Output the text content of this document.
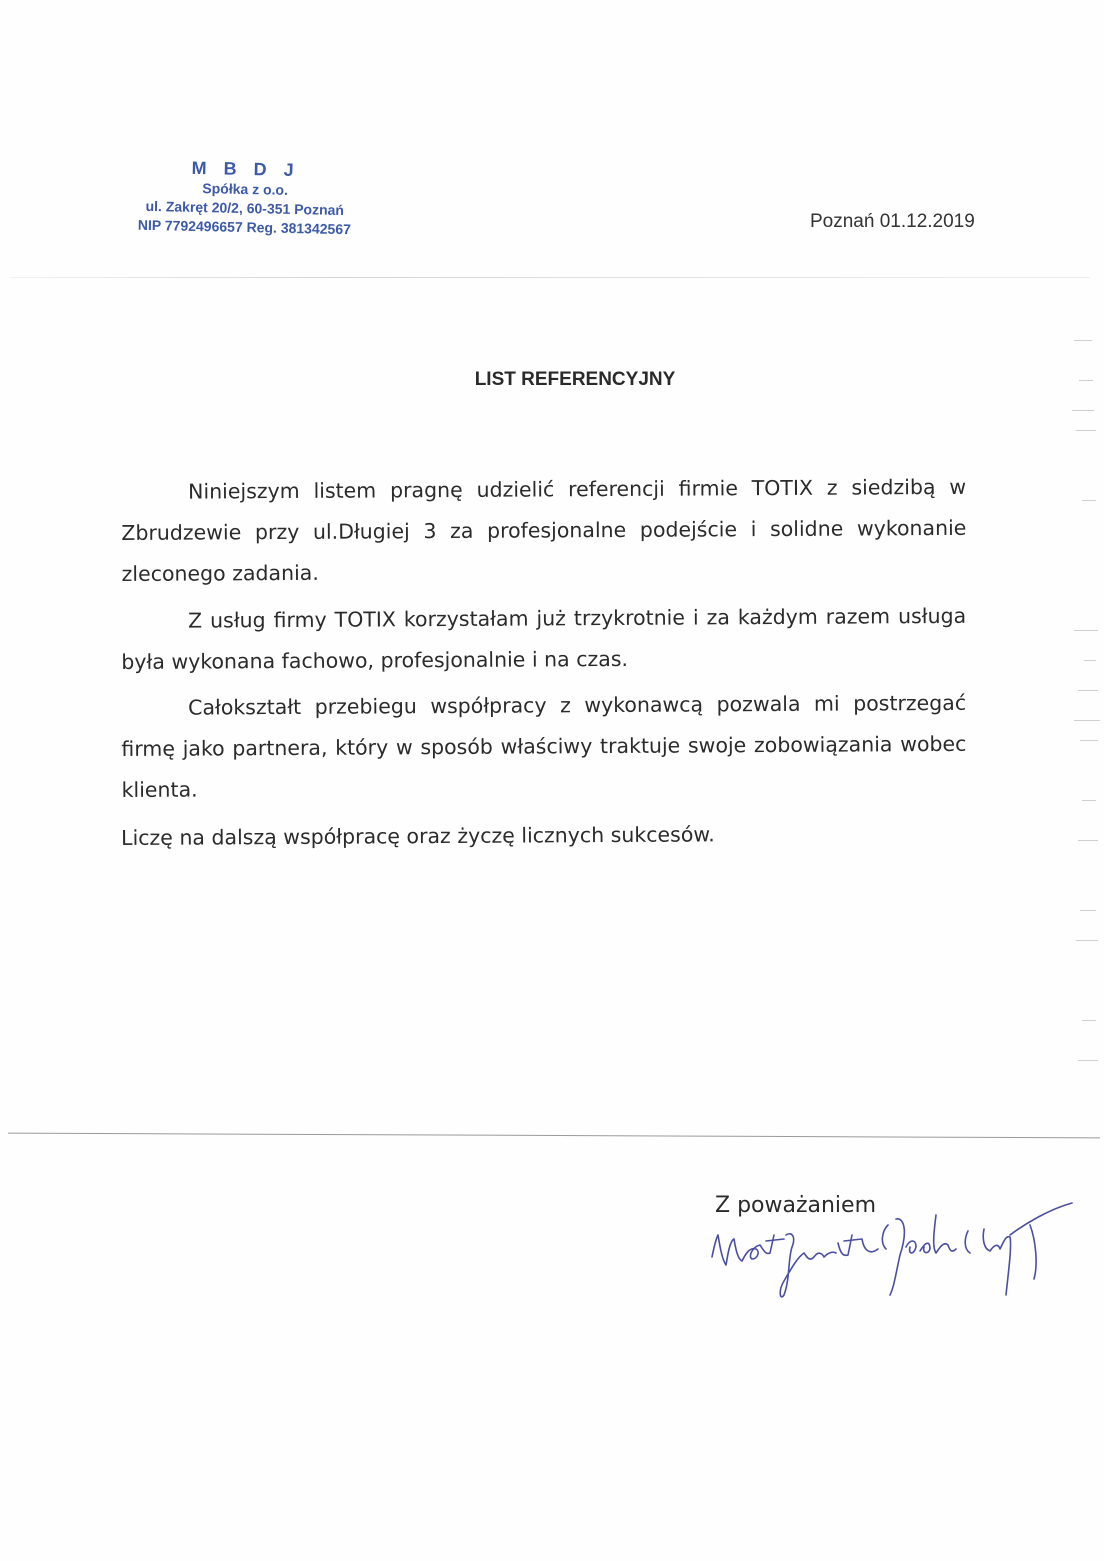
M B D J
Spółka z o.o.
ul. Zakręt 20/2, 60-351 Poznań
NIP 7792496657 Reg. 381342567	Poznań 01.12.2019
LIST REFERENCYJNY

Niniejszym listem pragnę udzielić referencji firmie TOTIX z siedzibą w Zbrudzewie przy ul.Długiej 3 za profesjonalne podejście i solidne wykonanie zleconego zadania.

Z usług firmy TOTIX korzystałam już trzykrotnie i za każdym razem usługa była wykonana fachowo, profesjonalnie i na czas.

Całokształt przebiegu współpracy z wykonawcą pozwala mi postrzegać firmę jako partnera, który w sposób właściwy traktuje swoje zobowiązania wobec klienta.

Liczę na dalszą współpracę oraz życzę licznych sukcesów.

Z poważaniem
